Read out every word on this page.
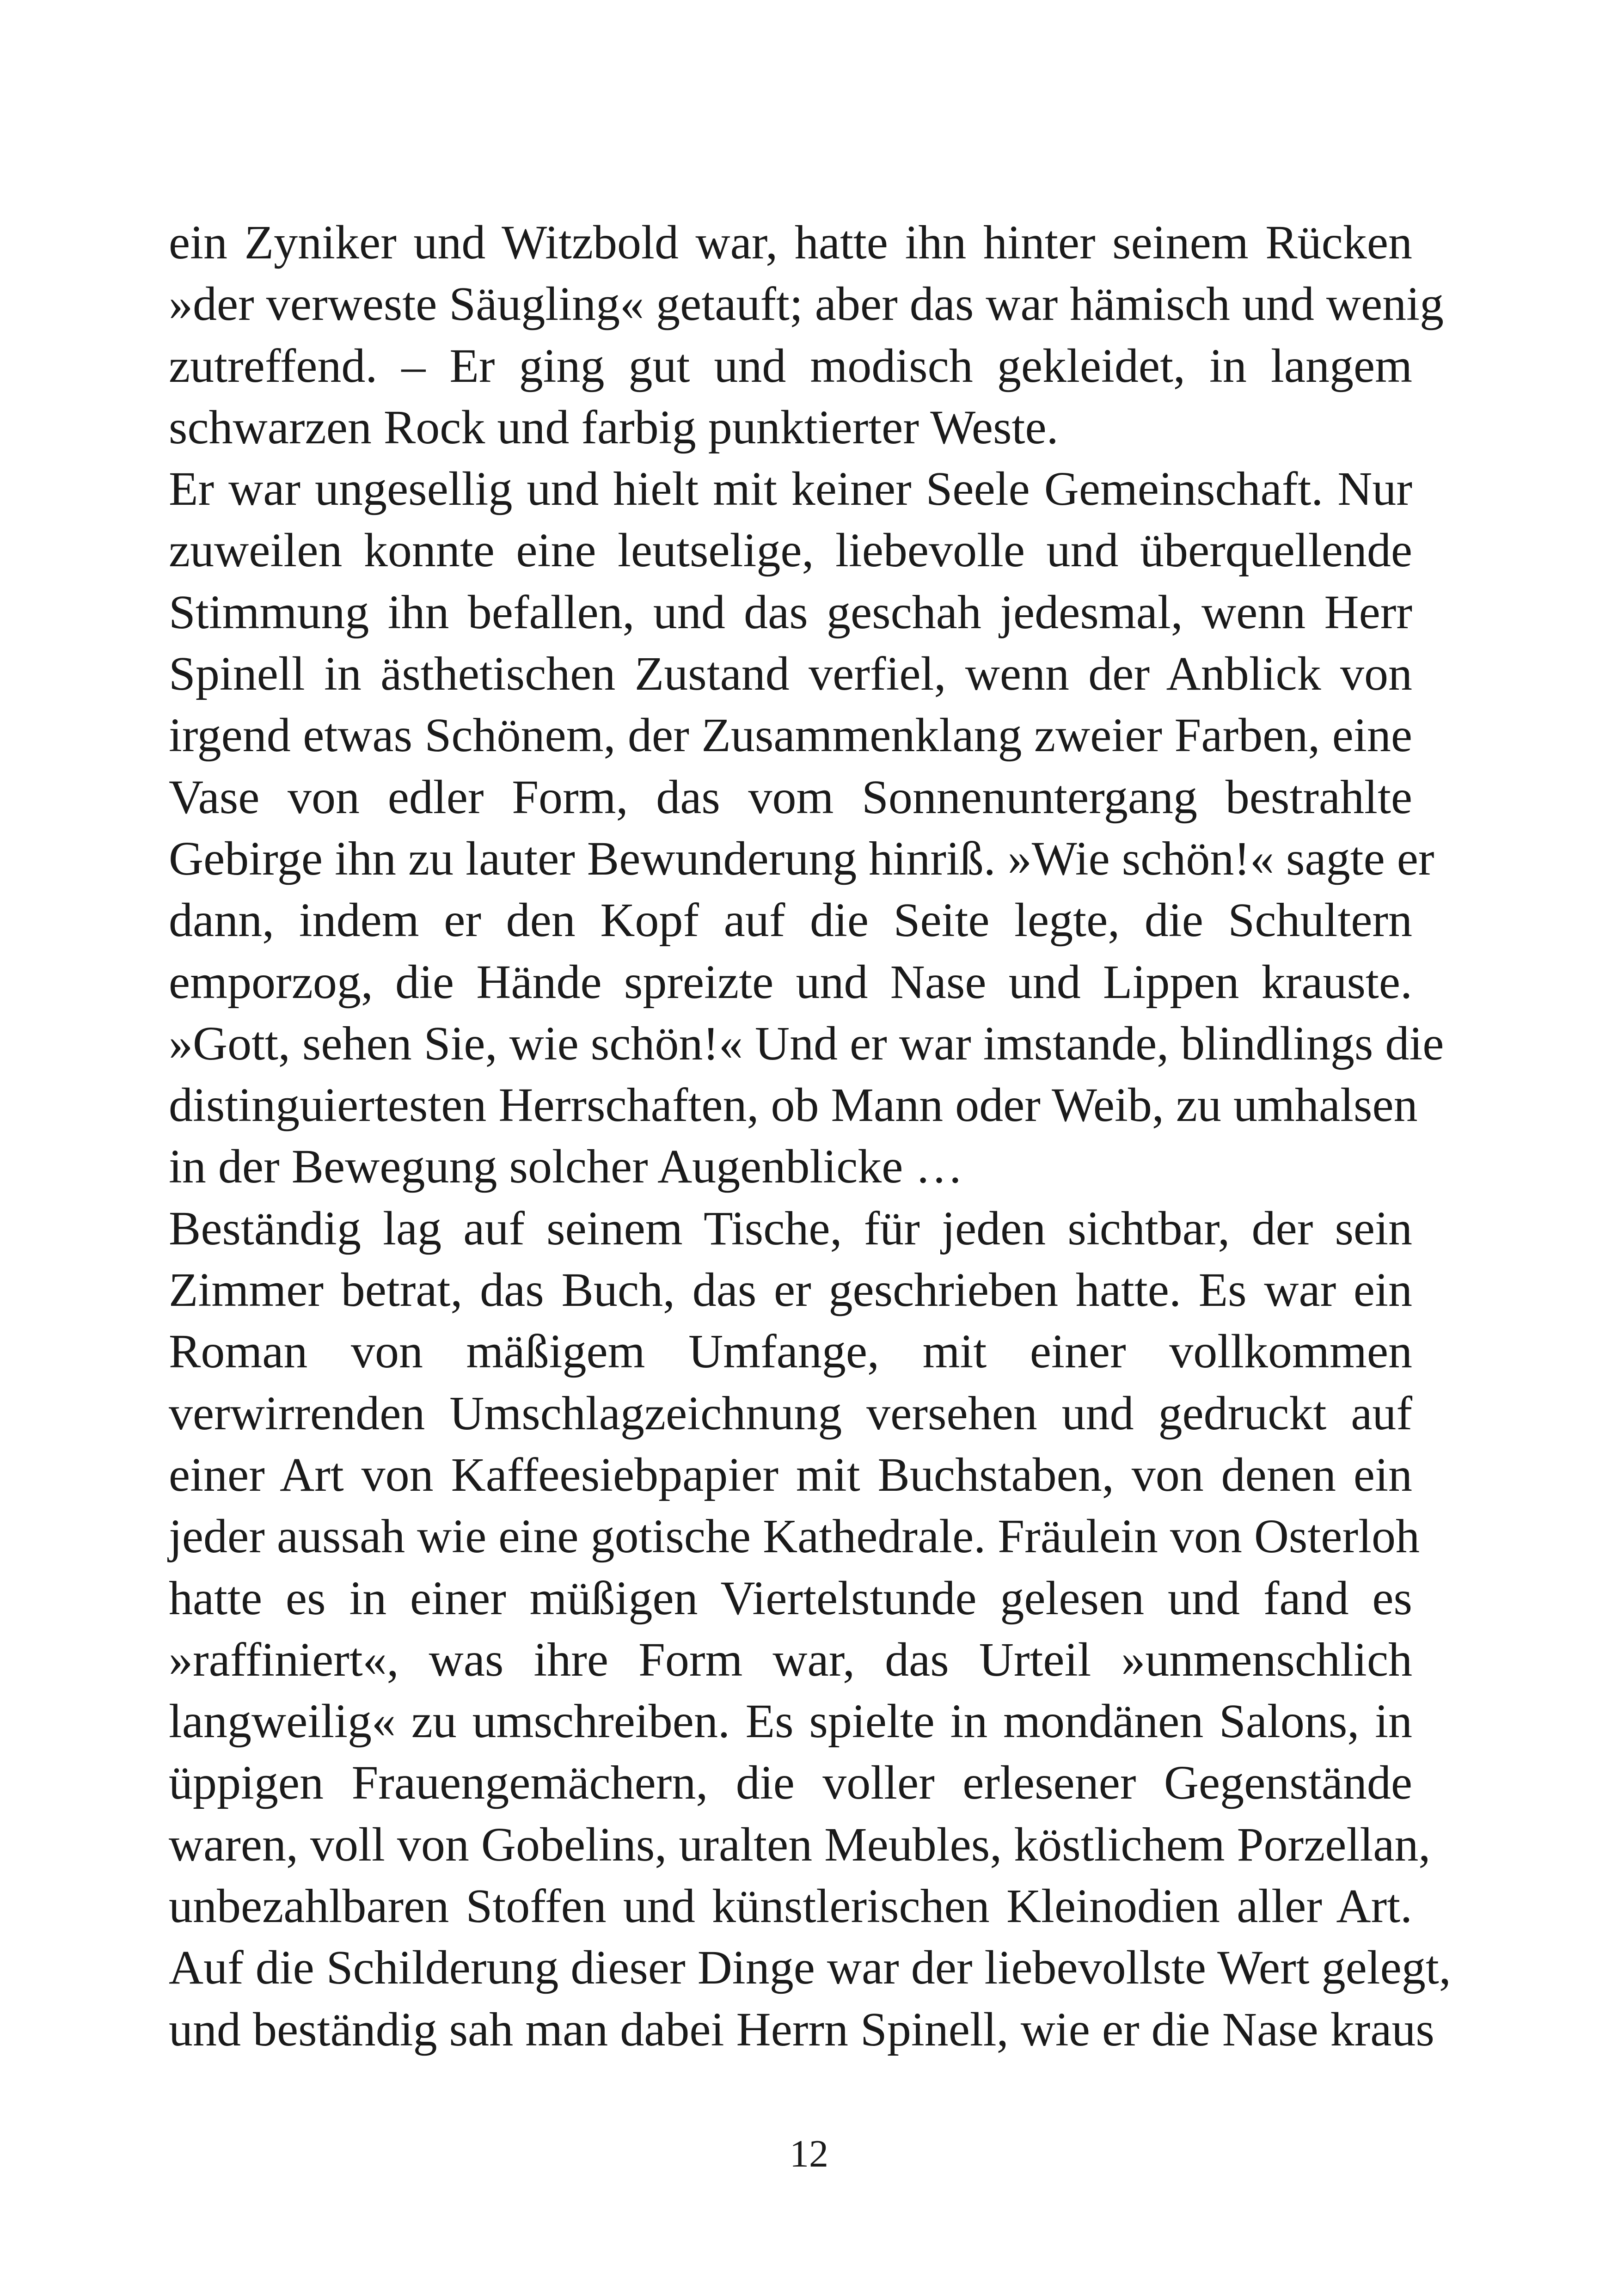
ein Zyniker und Witzbold war, hatte ihn hinter seinem Rücken
»der verweste Säugling« getauft; aber das war hämisch und wenig
zutreffend. – Er ging gut und modisch gekleidet, in langem
schwarzen Rock und farbig punktierter Weste.
Er war ungesellig und hielt mit keiner Seele Gemeinschaft. Nur
zuweilen konnte eine leutselige, liebevolle und überquellende
Stimmung ihn befallen, und das geschah jedesmal, wenn Herr
Spinell in ästhetischen Zustand verfiel, wenn der Anblick von
irgend etwas Schönem, der Zusammenklang zweier Farben, eine
Vase von edler Form, das vom Sonnenuntergang bestrahlte
Gebirge ihn zu lauter Bewunderung hinriß. »Wie schön!« sagte er
dann, indem er den Kopf auf die Seite legte, die Schultern
emporzog, die Hände spreizte und Nase und Lippen krauste.
»Gott, sehen Sie, wie schön!« Und er war imstande, blindlings die
distinguiertesten Herrschaften, ob Mann oder Weib, zu umhalsen
in der Bewegung solcher Augenblicke …
Beständig lag auf seinem Tische, für jeden sichtbar, der sein
Zimmer betrat, das Buch, das er geschrieben hatte. Es war ein
Roman von mäßigem Umfange, mit einer vollkommen
verwirrenden Umschlagzeichnung versehen und gedruckt auf
einer Art von Kaffeesiebpapier mit Buchstaben, von denen ein
jeder aussah wie eine gotische Kathedrale. Fräulein von Osterloh
hatte es in einer müßigen Viertelstunde gelesen und fand es
»raffiniert«, was ihre Form war, das Urteil »unmenschlich
langweilig« zu umschreiben. Es spielte in mondänen Salons, in
üppigen Frauengemächern, die voller erlesener Gegenstände
waren, voll von Gobelins, uralten Meubles, köstlichem Porzellan,
unbezahlbaren Stoffen und künstlerischen Kleinodien aller Art.
Auf die Schilderung dieser Dinge war der liebevollste Wert gelegt,
und beständig sah man dabei Herrn Spinell, wie er die Nase kraus
12
